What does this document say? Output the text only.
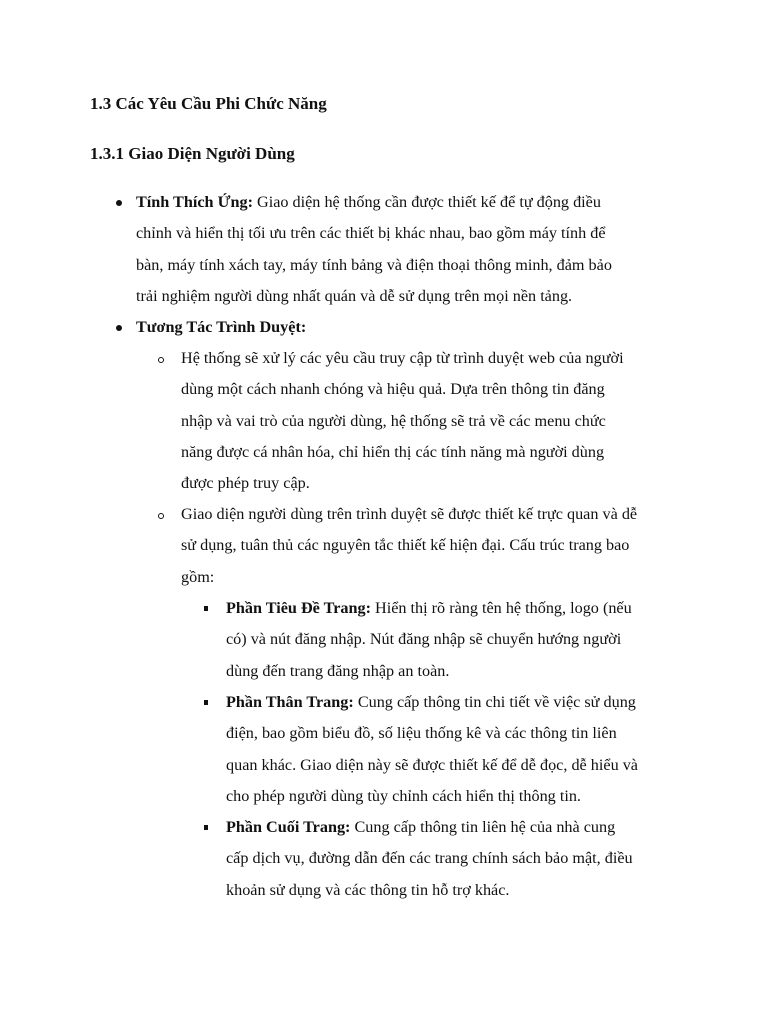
1.3 Các Yêu Cầu Phi Chức Năng
1.3.1 Giao Diện Người Dùng
Tính Thích Ứng: Giao diện hệ thống cần được thiết kế để tự động điều
chỉnh và hiển thị tối ưu trên các thiết bị khác nhau, bao gồm máy tính để
bàn, máy tính xách tay, máy tính bảng và điện thoại thông minh, đảm bảo
trải nghiệm người dùng nhất quán và dễ sử dụng trên mọi nền tảng.
Tương Tác Trình Duyệt:
Hệ thống sẽ xử lý các yêu cầu truy cập từ trình duyệt web của người
dùng một cách nhanh chóng và hiệu quả. Dựa trên thông tin đăng
nhập và vai trò của người dùng, hệ thống sẽ trả về các menu chức
năng được cá nhân hóa, chỉ hiển thị các tính năng mà người dùng
được phép truy cập.
Giao diện người dùng trên trình duyệt sẽ được thiết kế trực quan và dễ
sử dụng, tuân thủ các nguyên tắc thiết kế hiện đại. Cấu trúc trang bao
gồm:
Phần Tiêu Đề Trang: Hiển thị rõ ràng tên hệ thống, logo (nếu
có) và nút đăng nhập. Nút đăng nhập sẽ chuyển hướng người
dùng đến trang đăng nhập an toàn.
Phần Thân Trang: Cung cấp thông tin chi tiết về việc sử dụng
điện, bao gồm biểu đồ, số liệu thống kê và các thông tin liên
quan khác. Giao diện này sẽ được thiết kế để dễ đọc, dễ hiểu và
cho phép người dùng tùy chỉnh cách hiển thị thông tin.
Phần Cuối Trang: Cung cấp thông tin liên hệ của nhà cung
cấp dịch vụ, đường dẫn đến các trang chính sách bảo mật, điều
khoản sử dụng và các thông tin hỗ trợ khác.
